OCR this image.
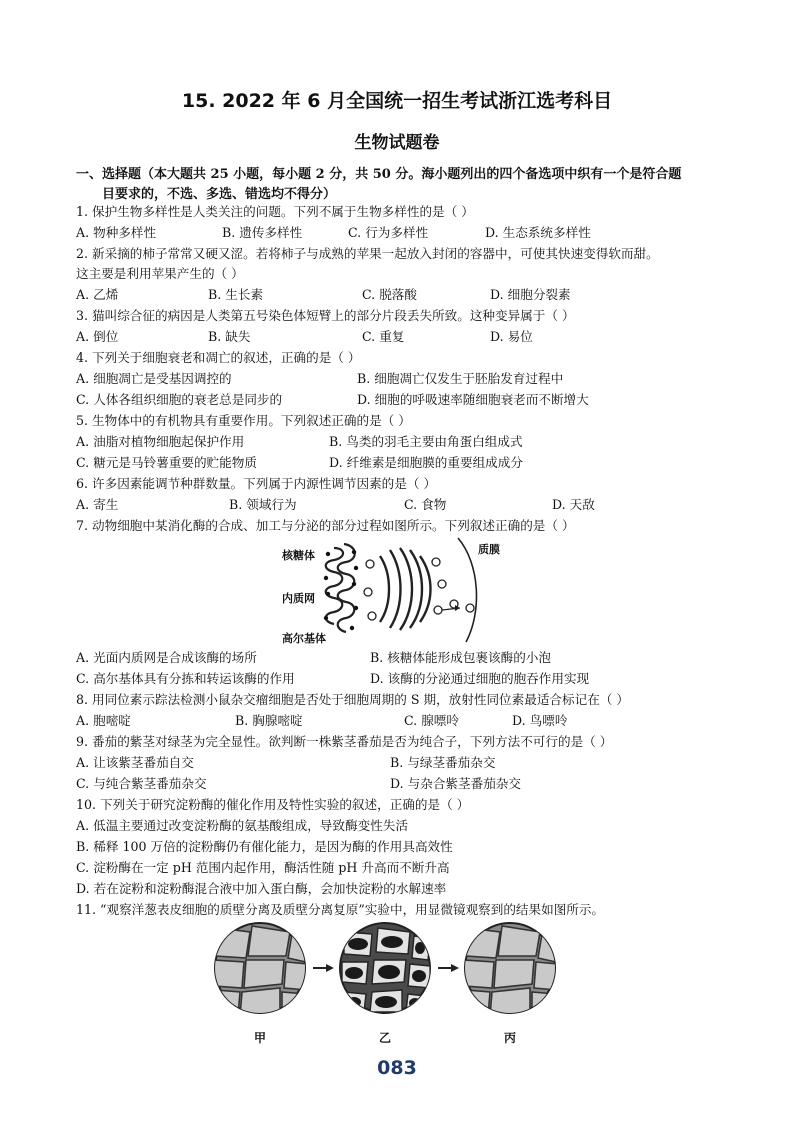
15. 2022 年 6 月全国统一招生考试浙江选考科目
生物试题卷
一、选择题（本大题共 25 小题，每小题 2 分，共 50 分。海小题列出的四个备选项中织有一个是符合题
目要求的，不选、多选、错选均不得分）
1. 保护生物多样性是人类关注的问题。下列不属于生物多样性的是（ ）
A. 物种多样性	B. 遗传多样性	C. 行为多样性	D. 生态系统多样性
2. 新采摘的柿子常常又硬又涩。若将柿子与成熟的苹果一起放入封闭的容器中，可使其快速变得软而甜。
这主要是利用苹果产生的（ ）
A. 乙烯	B. 生长素	C. 脱落酸	D. 细胞分裂素
3. 猫叫综合征的病因是人类第五号染色体短臂上的部分片段丢失所致。这种变异属于（ ）
A. 倒位	B. 缺失	C. 重复	D. 易位
4. 下列关于细胞衰老和凋亡的叙述，正确的是（ ）
A. 细胞凋亡是受基因调控的	B. 细胞凋亡仅发生于胚胎发育过程中
C. 人体各组织细胞的衰老总是同步的	D. 细胞的呼吸速率随细胞衰老而不断增大
5. 生物体中的有机物具有重要作用。下列叙述正确的是（ ）
A. 油脂对植物细胞起保护作用	B. 鸟类的羽毛主要由角蛋白组成式
C. 糖元是马铃薯重要的贮能物质	D. 纤维素是细胞膜的重要组成成分
6. 许多因素能调节种群数量。下列属于内源性调节因素的是（ ）
A. 寄生	B. 领域行为	C. 食物	D. 天敌
7. 动物细胞中某消化酶的合成、加工与分泌的部分过程如图所示。下列叙述正确的是（ ）
核糖体
内质网
高尔基体
质膜
A. 光面内质网是合成该酶的场所	B. 核糖体能形成包裹该酶的小泡
C. 高尔基体具有分拣和转运该酶的作用	D. 该酶的分泌通过细胞的胞吞作用实现
8. 用同位素示踪法检测小鼠杂交瘤细胞是否处于细胞周期的 S 期，放射性同位素最适合标记在（ ）
A. 胞嘧啶	B. 胸腺嘧啶	C. 腺嘌呤	D. 鸟嘌呤
9. 番茄的紫茎对绿茎为完全显性。欲判断一株紫茎番茄是否为纯合子，下列方法不可行的是（ ）
A. 让该紫茎番茄自交	B. 与绿茎番茄杂交
C. 与纯合紫茎番茄杂交	D. 与杂合紫茎番茄杂交
10. 下列关于研究淀粉酶的催化作用及特性实验的叙述，正确的是（ ）
A. 低温主要通过改变淀粉酶的氨基酸组成，导致酶变性失活
B. 稀释 100 万倍的淀粉酶仍有催化能力，是因为酶的作用具高效性
C. 淀粉酶在一定 pH 范围内起作用，酶活性随 pH 升高而不断升高
D. 若在淀粉和淀粉酶混合液中加入蛋白酶，会加快淀粉的水解速率
11. “观察洋葱表皮细胞的质壁分离及质壁分离复原”实验中，用显微镜观察到的结果如图所示。
甲	乙	丙
083
